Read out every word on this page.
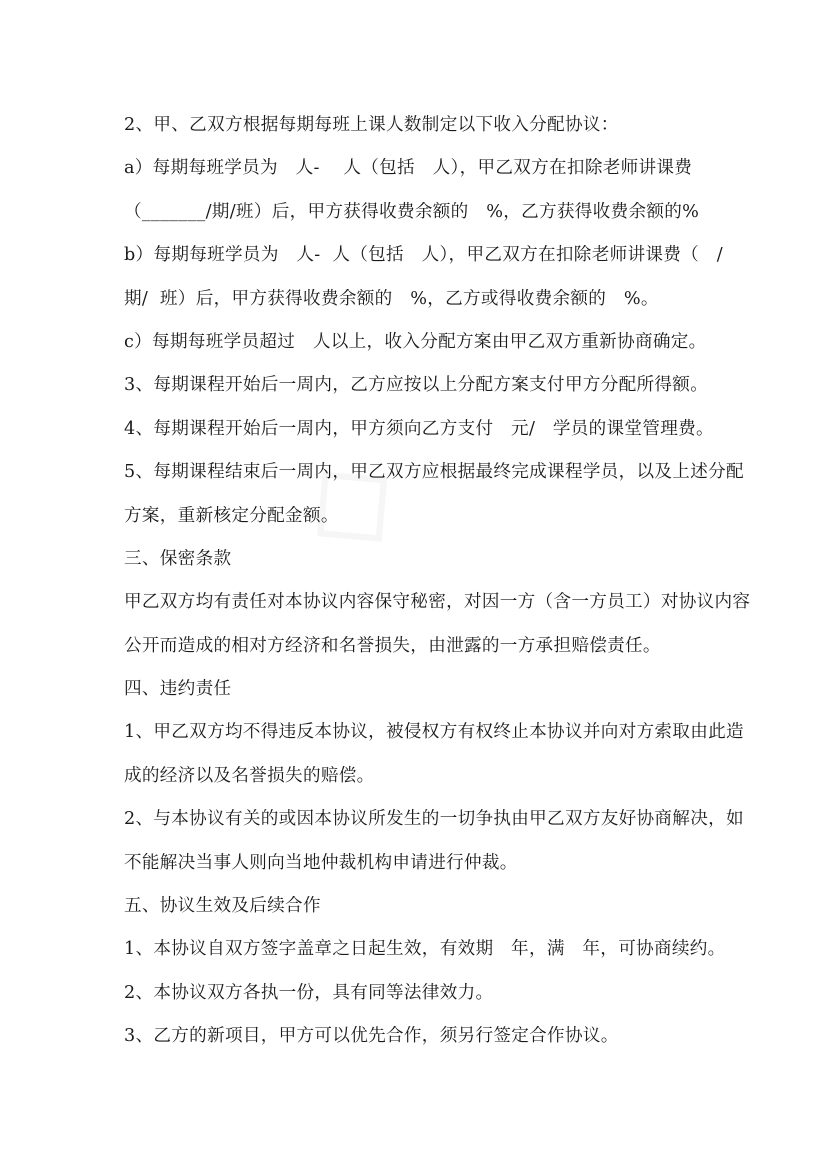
2、甲、乙双方根据每期每班上课人数制定以下收入分配协议：
a）每期每班学员为   人-    人（包括   人），甲乙双方在扣除老师讲课费
（_______/期/班）后，甲方获得收费余额的   %，乙方获得收费余额的%
b）每期每班学员为   人-  人（包括   人），甲乙双方在扣除老师讲课费（   /
期/  班）后，甲方获得收费余额的   %，乙方或得收费余额的   %。
c）每期每班学员超过   人以上，收入分配方案由甲乙双方重新协商确定。
3、每期课程开始后一周内，乙方应按以上分配方案支付甲方分配所得额。
4、每期课程开始后一周内，甲方须向乙方支付   元/   学员的课堂管理费。
5、每期课程结束后一周内，甲乙双方应根据最终完成课程学员，以及上述分配
方案，重新核定分配金额。
三、保密条款
甲乙双方均有责任对本协议内容保守秘密，对因一方（含一方员工）对协议内容
公开而造成的相对方经济和名誉损失，由泄露的一方承担赔偿责任。
四、违约责任
1、甲乙双方均不得违反本协议，被侵权方有权终止本协议并向对方索取由此造
成的经济以及名誉损失的赔偿。
2、与本协议有关的或因本协议所发生的一切争执由甲乙双方友好协商解决，如
不能解决当事人则向当地仲裁机构申请进行仲裁。
五、协议生效及后续合作
1、本协议自双方签字盖章之日起生效，有效期   年，满   年，可协商续约。
2、本协议双方各执一份，具有同等法律效力。
3、乙方的新项目，甲方可以优先合作，须另行签定合作协议。
